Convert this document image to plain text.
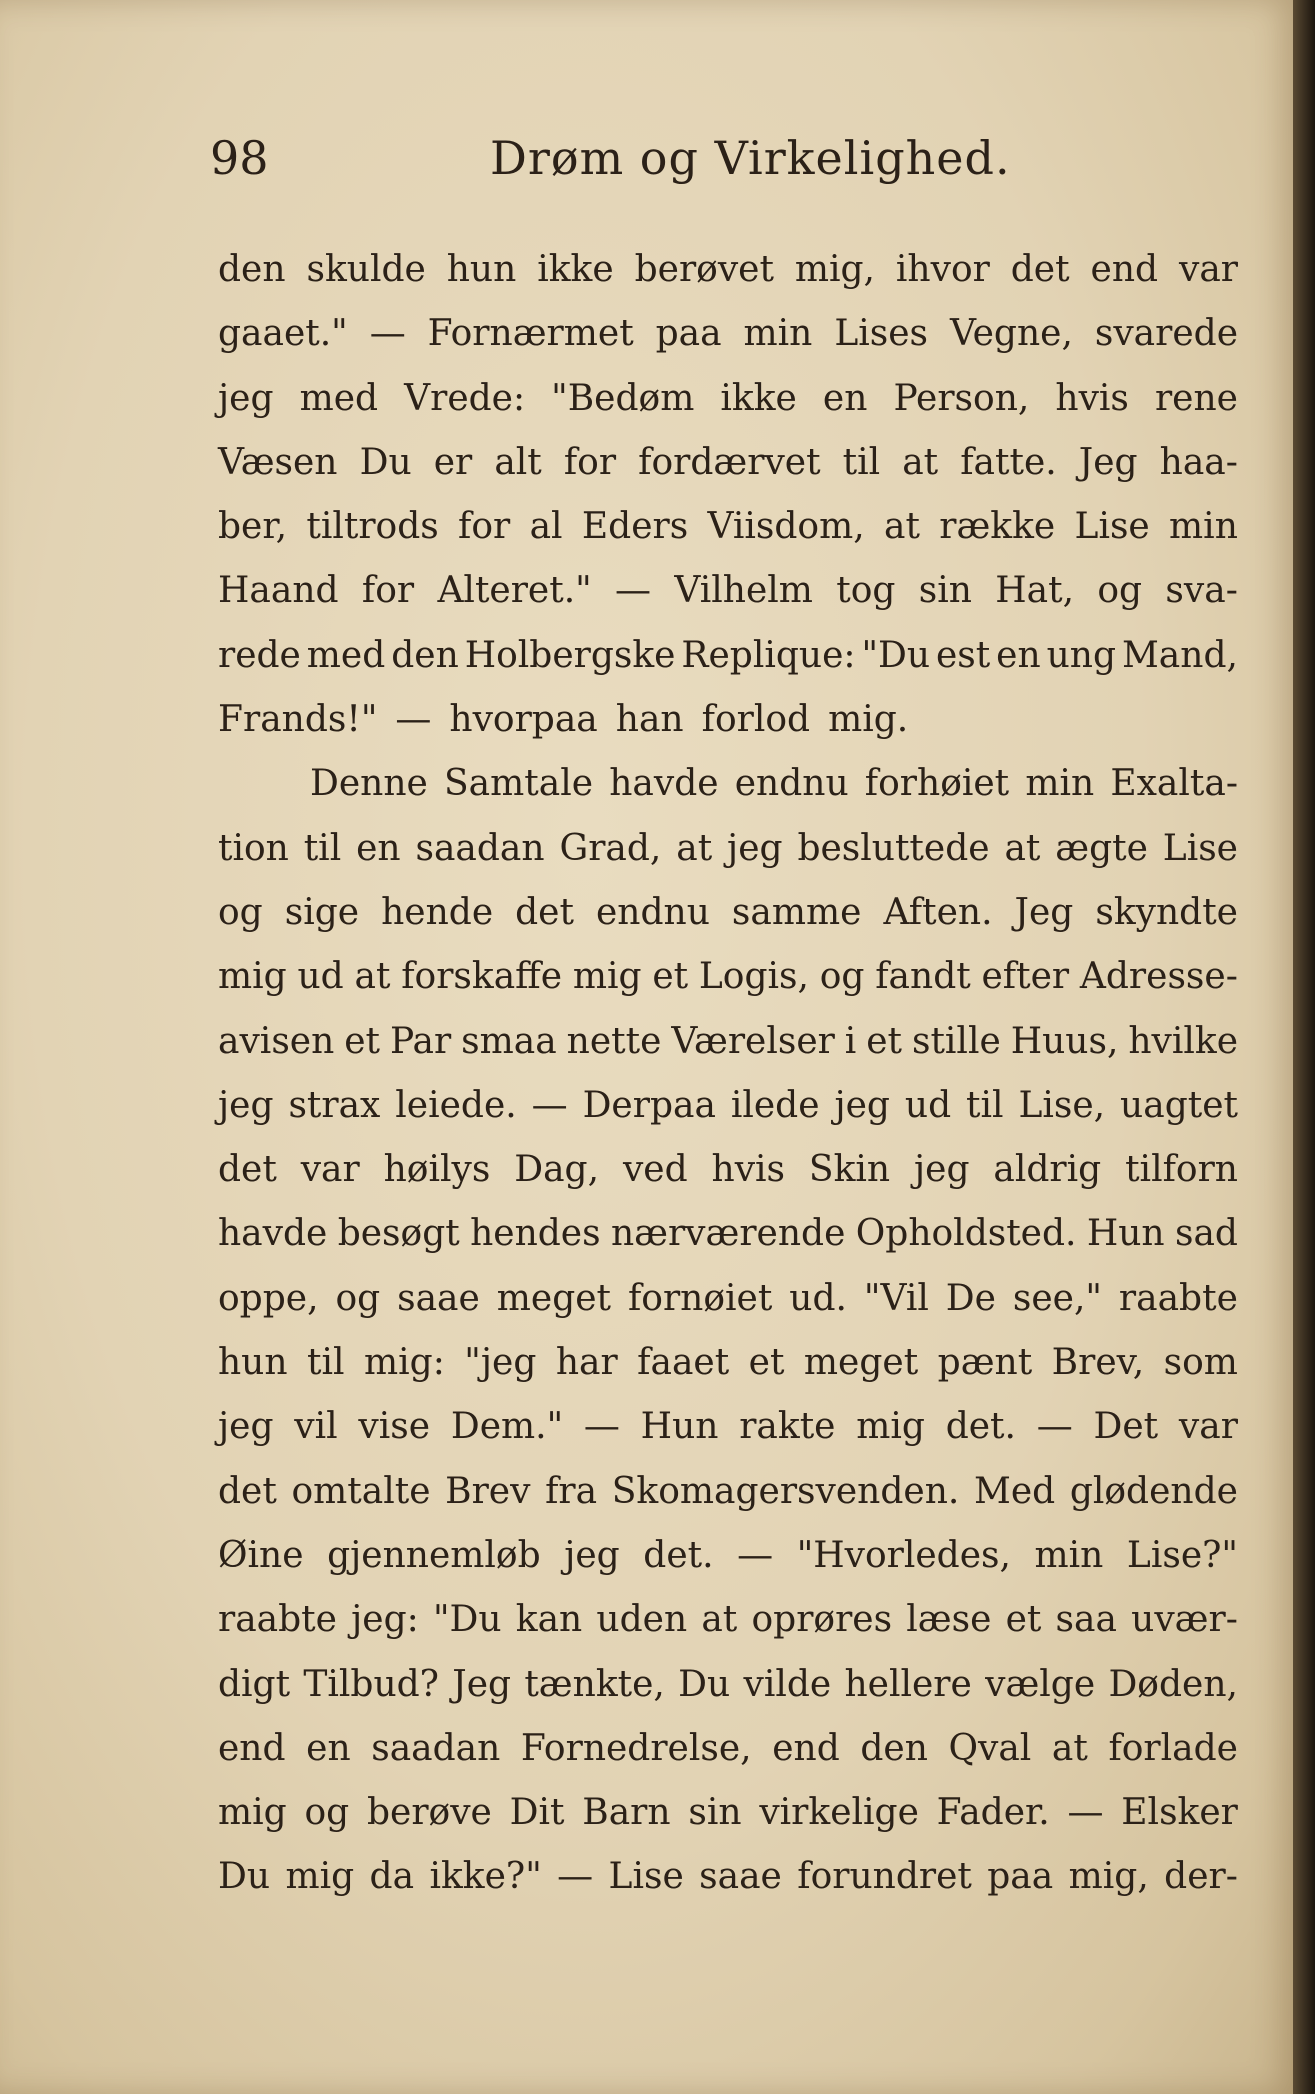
98	Drøm og Virkelighed.
den skulde hun ikke berøvet mig, ihvor det end var
gaaet." — Fornærmet paa min Lises Vegne, svarede
jeg med Vrede: "Bedøm ikke en Person, hvis rene
Væsen Du er alt for fordærvet til at fatte. Jeg haa-
ber, tiltrods for al Eders Viisdom, at række Lise min
Haand for Alteret." — Vilhelm tog sin Hat, og sva-
rede med den Holbergske Replique: "Du est en ung Mand,
Frands!" — hvorpaa han forlod mig.
Denne Samtale havde endnu forhøiet min Exalta-
tion til en saadan Grad, at jeg besluttede at ægte Lise
og sige hende det endnu samme Aften. Jeg skyndte
mig ud at forskaffe mig et Logis, og fandt efter Adresse-
avisen et Par smaa nette Værelser i et stille Huus, hvilke
jeg strax leiede. — Derpaa ilede jeg ud til Lise, uagtet
det var høilys Dag, ved hvis Skin jeg aldrig tilforn
havde besøgt hendes nærværende Opholdsted. Hun sad
oppe, og saae meget fornøiet ud. "Vil De see," raabte
hun til mig: "jeg har faaet et meget pænt Brev, som
jeg vil vise Dem." — Hun rakte mig det. — Det var
det omtalte Brev fra Skomagersvenden. Med glødende
Øine gjennemløb jeg det. — "Hvorledes, min Lise?"
raabte jeg: "Du kan uden at oprøres læse et saa uvær-
digt Tilbud? Jeg tænkte, Du vilde hellere vælge Døden,
end en saadan Fornedrelse, end den Qval at forlade
mig og berøve Dit Barn sin virkelige Fader. — Elsker
Du mig da ikke?" — Lise saae forundret paa mig, der-
